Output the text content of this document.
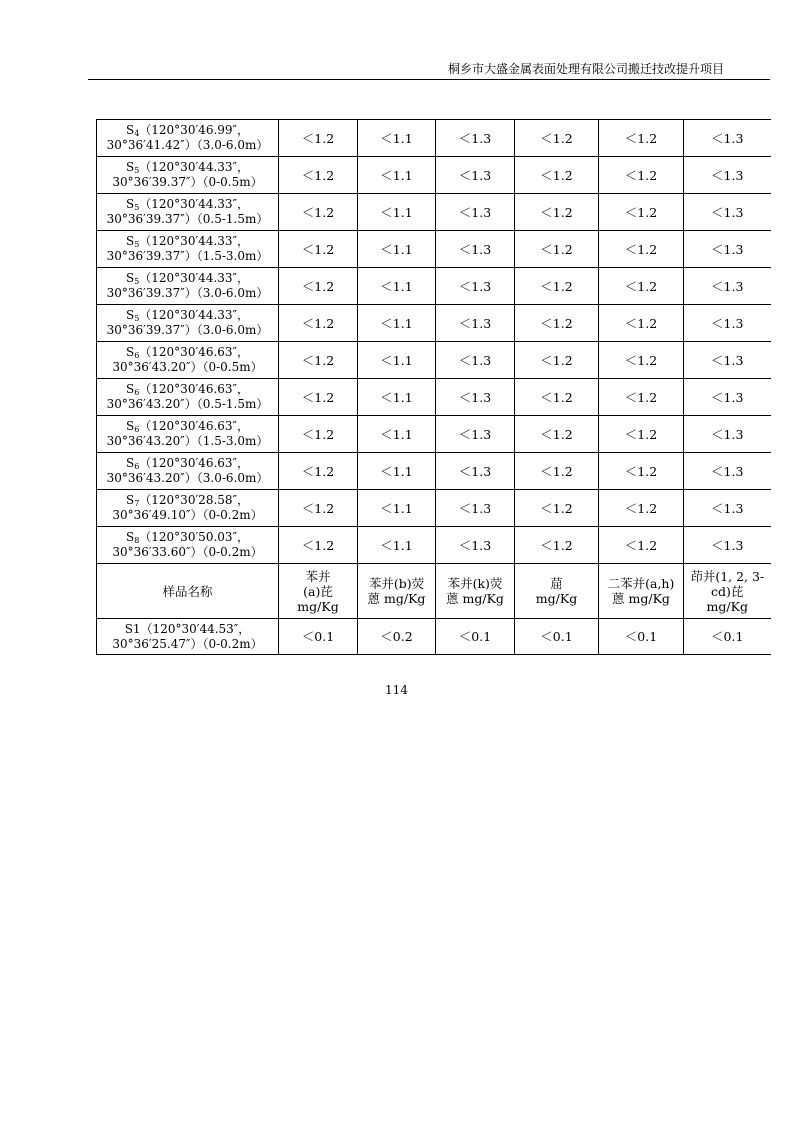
桐乡市大盛金属表面处理有限公司搬迁技改提升项目
$S_4(120^\circ 30'46.99''$，
30°36′41.42″）（3.0-6.0m）	＜1.2	＜1.1	＜1.3	＜1.2	＜1.2	＜1.3

$S_5(120^\circ 30'44.33''$，
30°36′39.37″）（0-0.5m）	＜1.2	＜1.1	＜1.3	＜1.2	＜1.2	＜1.3

$S_5(120^\circ 30'44.33''$，
30°36′39.37″）（0.5-1.5m）	＜1.2	＜1.1	＜1.3	＜1.2	＜1.2	＜1.3

$S_5(120^\circ 30'44.33''$，
30°36′39.37″）（1.5-3.0m）	＜1.2	＜1.1	＜1.3	＜1.2	＜1.2	＜1.3

$S_5(120^\circ 30'44.33''$，
30°36′39.37″）（3.0-6.0m）	＜1.2	＜1.1	＜1.3	＜1.2	＜1.2	＜1.3

$S_5(120^\circ 30'44.33''$，
30°36′39.37″）（3.0-6.0m）	＜1.2	＜1.1	＜1.3	＜1.2	＜1.2	＜1.3

$S_6(120^\circ 30'46.63''$，
30°36′43.20″）（0-0.5m）	＜1.2	＜1.1	＜1.3	＜1.2	＜1.2	＜1.3

$S_6(120^\circ 30'46.63''$，
30°36′43.20″）（0.5-1.5m）	＜1.2	＜1.1	＜1.3	＜1.2	＜1.2	＜1.3

$S_6(120^\circ 30'46.63''$，
30°36′43.20″）（1.5-3.0m）	＜1.2	＜1.1	＜1.3	＜1.2	＜1.2	＜1.3

$S_6(120^\circ 30'46.63''$，
30°36′43.20″）（3.0-6.0m）	＜1.2	＜1.1	＜1.3	＜1.2	＜1.2	＜1.3

$S_7(120^\circ 30'28.58''$，
30°36′49.10″）（0-0.2m）	＜1.2	＜1.1	＜1.3	＜1.2	＜1.2	＜1.3

$S_8(120^\circ 30'50.03''$，
30°36′33.60″）（0-0.2m）	＜1.2	＜1.1	＜1.3	＜1.2	＜1.2	＜1.3
样品名称	苯并
(a)芘
mg/Kg	苯并(b)荧
蒽 mg/Kg	苯并(k)荧
蒽 mg/Kg	䓛
mg/Kg	二苯并(a,h)
蒽 mg/Kg	茚并(1, 2, 3-
cd)芘
mg/Kg

S1（120°30′44.53″，
30°36′25.47″）（0-0.2m）	＜0.1	＜0.2	＜0.1	＜0.1	＜0.1	＜0.1
114
